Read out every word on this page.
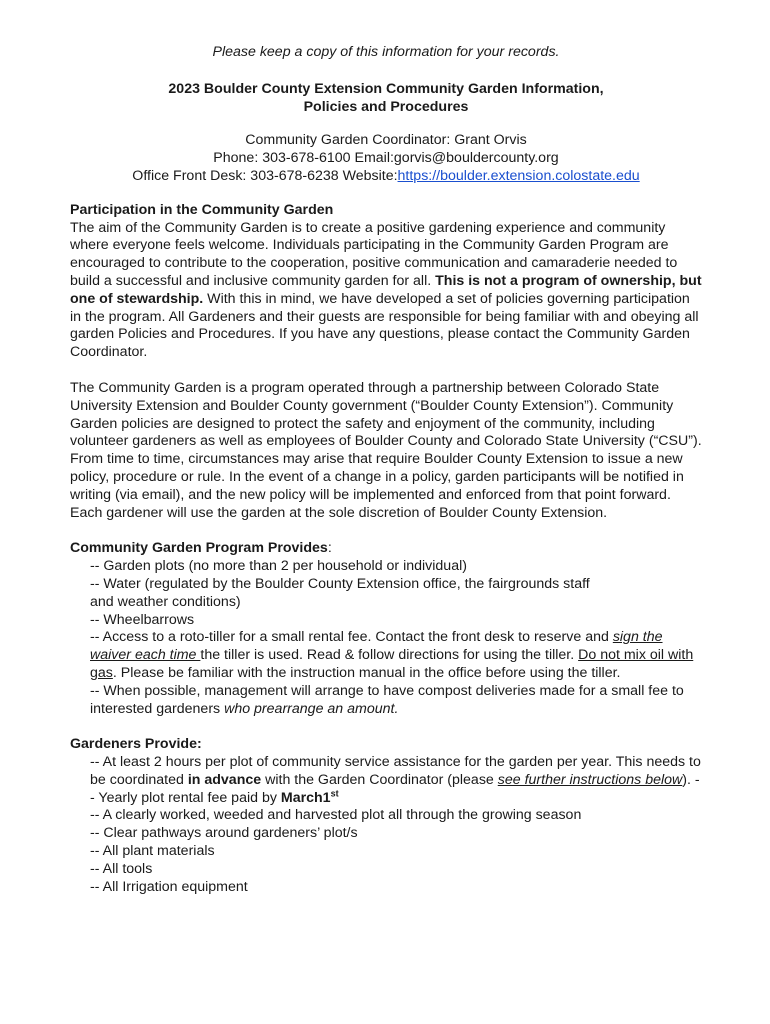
Please keep a copy of this information for your records.
2023 Boulder County Extension Community Garden Information,
Policies and Procedures
Community Garden Coordinator: Grant Orvis
Phone: 303-678-6100 Email:gorvis@bouldercounty.org
Office Front Desk: 303-678-6238 Website:https://boulder.extension.colostate.edu
Participation in the Community Garden

The aim of the Community Garden is to create a positive gardening experience and community where everyone feels welcome. Individuals participating in the Community Garden Program are encouraged to contribute to the cooperation, positive communication and camaraderie needed to build a successful and inclusive community garden for all. This is not a program of ownership, but one of stewardship. With this in mind, we have developed a set of policies governing participation in the program. All Gardeners and their guests are responsible for being familiar with and obeying all garden Policies and Procedures. If you have any questions, please contact the Community Garden Coordinator.

The Community Garden is a program operated through a partnership between Colorado State University Extension and Boulder County government (“Boulder County Extension”). Community Garden policies are designed to protect the safety and enjoyment of the community, including volunteer gardeners as well as employees of Boulder County and Colorado State University (“CSU”). From time to time, circumstances may arise that require Boulder County Extension to issue a new policy, procedure or rule. In the event of a change in a policy, garden participants will be notified in writing (via email), and the new policy will be implemented and enforced from that point forward.

Each gardener will use the garden at the sole discretion of Boulder County Extension.

Community Garden Program Provides:
-- Garden plots (no more than 2 per household or individual)
-- Water (regulated by the Boulder County Extension office, the fairgrounds staff
and weather conditions)
-- Wheelbarrows
-- Access to a roto-tiller for a small rental fee. Contact the front desk to reserve and sign the waiver each time the tiller is used. Read & follow directions for using the tiller. Do not mix oil with gas. Please be familiar with the instruction manual in the office before using the tiller.
-- When possible, management will arrange to have compost deliveries made for a small fee to interested gardeners who prearrange an amount.
Gardeners Provide:
-- At least 2 hours per plot of community service assistance for the garden per year. This needs to be coordinated in advance with the Garden Coordinator (please see further instructions below). -- Yearly plot rental fee paid by March1st
-- A clearly worked, weeded and harvested plot all through the growing season
-- Clear pathways around gardeners’ plot/s
-- All plant materials
-- All tools
-- All Irrigation equipment
